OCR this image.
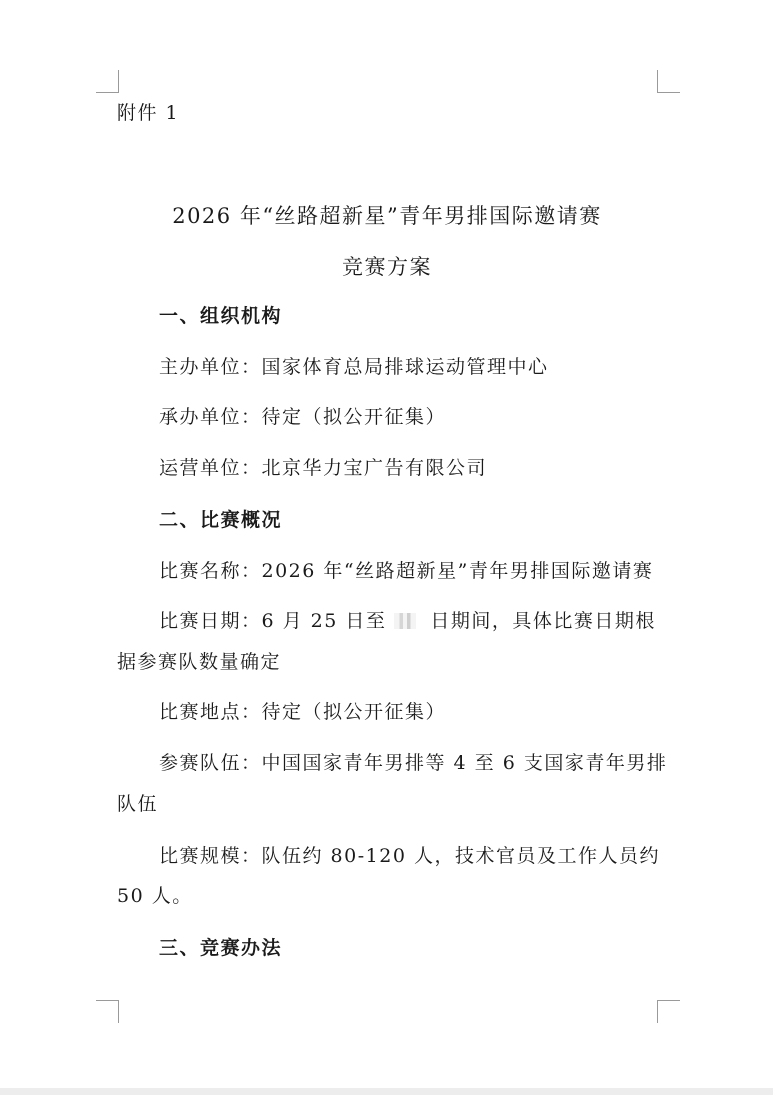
附件 1
2026 年“丝路超新星”青年男排国际邀请赛
竞赛方案
一、组织机构
主办单位：国家体育总局排球运动管理中心
承办单位：待定（拟公开征集）
运营单位：北京华力宝广告有限公司
二、比赛概况
比赛名称：2026 年“丝路超新星”青年男排国际邀请赛
比赛日期：6 月 25 日至 日期间，具体比赛日期根
据参赛队数量确定
比赛地点：待定（拟公开征集）
参赛队伍：中国国家青年男排等 4 至 6 支国家青年男排
队伍
比赛规模：队伍约 80-120 人，技术官员及工作人员约
50 人。
三、竞赛办法
